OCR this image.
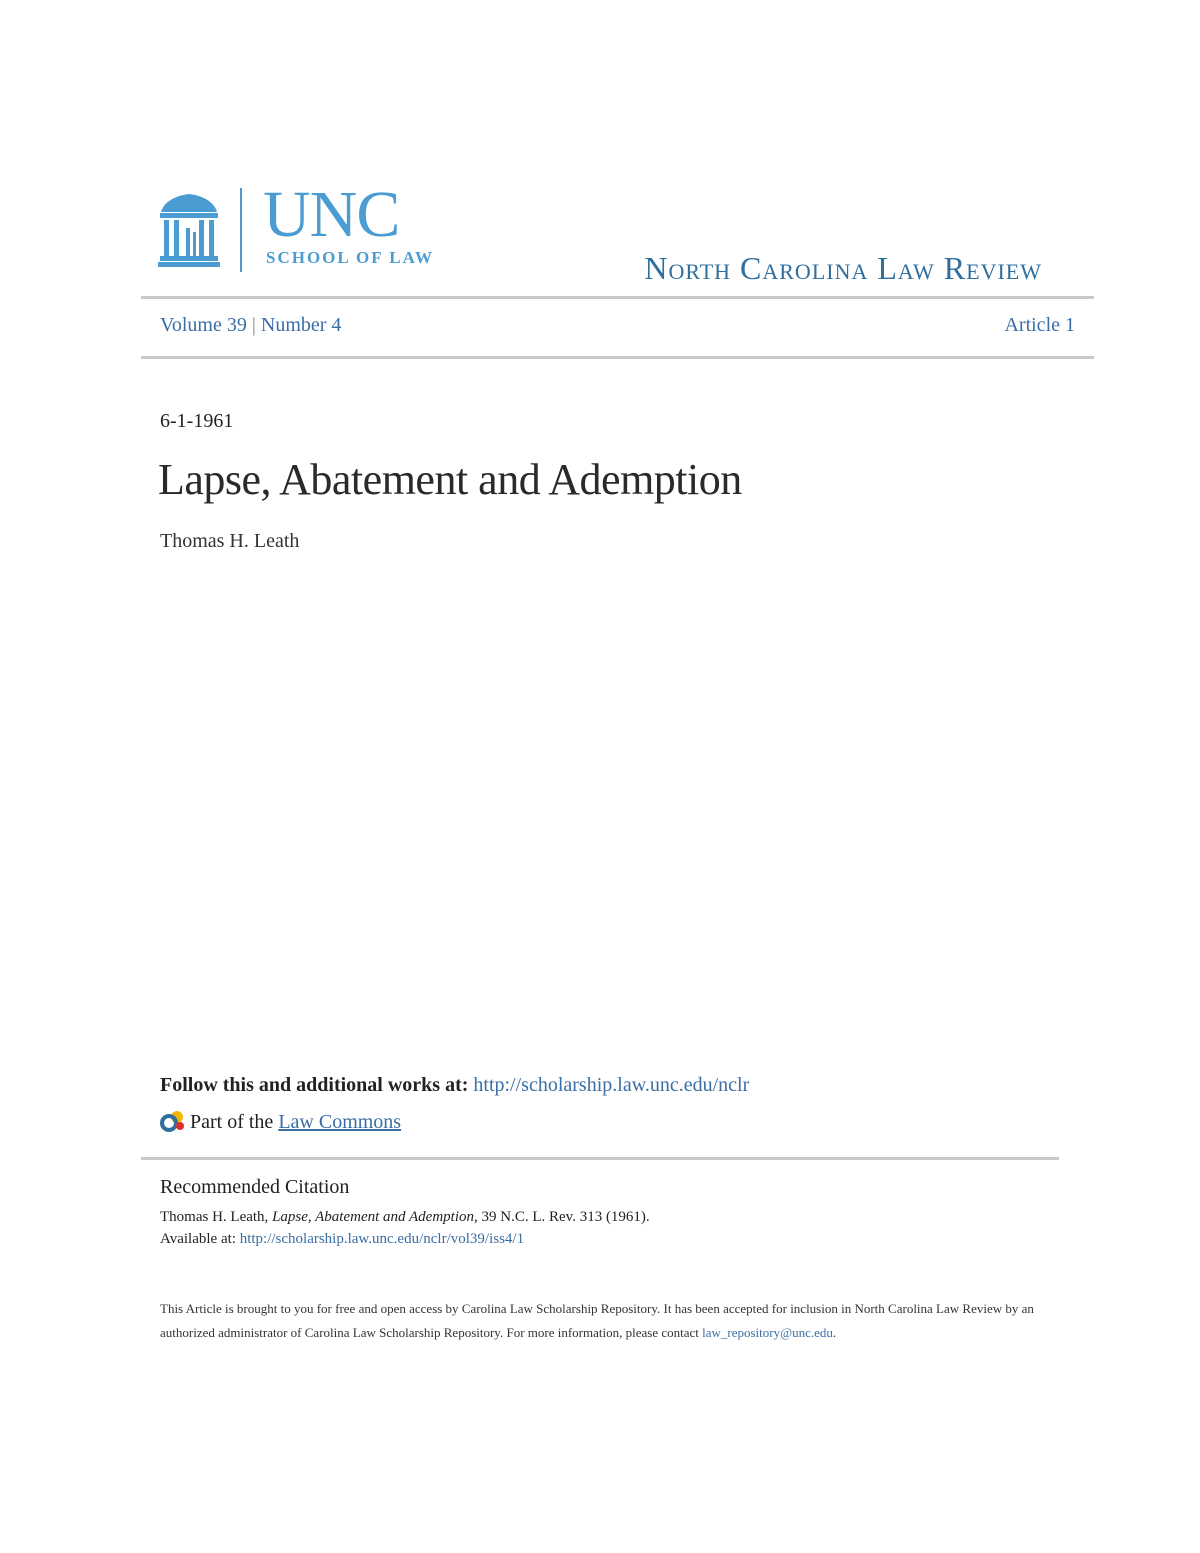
UNC
SCHOOL OF LAW	North Carolina Law Review
Volume 39 | Number 4	Article 1
6-1-1961
Lapse, Abatement and Ademption
Thomas H. Leath
Follow this and additional works at: http://scholarship.law.unc.edu/nclr
Part of the
Law Commons
Recommended Citation
Thomas H. Leath, Lapse, Abatement and Ademption, 39 N.C. L. Rev. 313 (1961).
Available at: http://scholarship.law.unc.edu/nclr/vol39/iss4/1
This Article is brought to you for free and open access by Carolina Law Scholarship Repository. It has been accepted for inclusion in North Carolina Law Review by an authorized administrator of Carolina Law Scholarship Repository. For more information, please contact law_repository@unc.edu.
